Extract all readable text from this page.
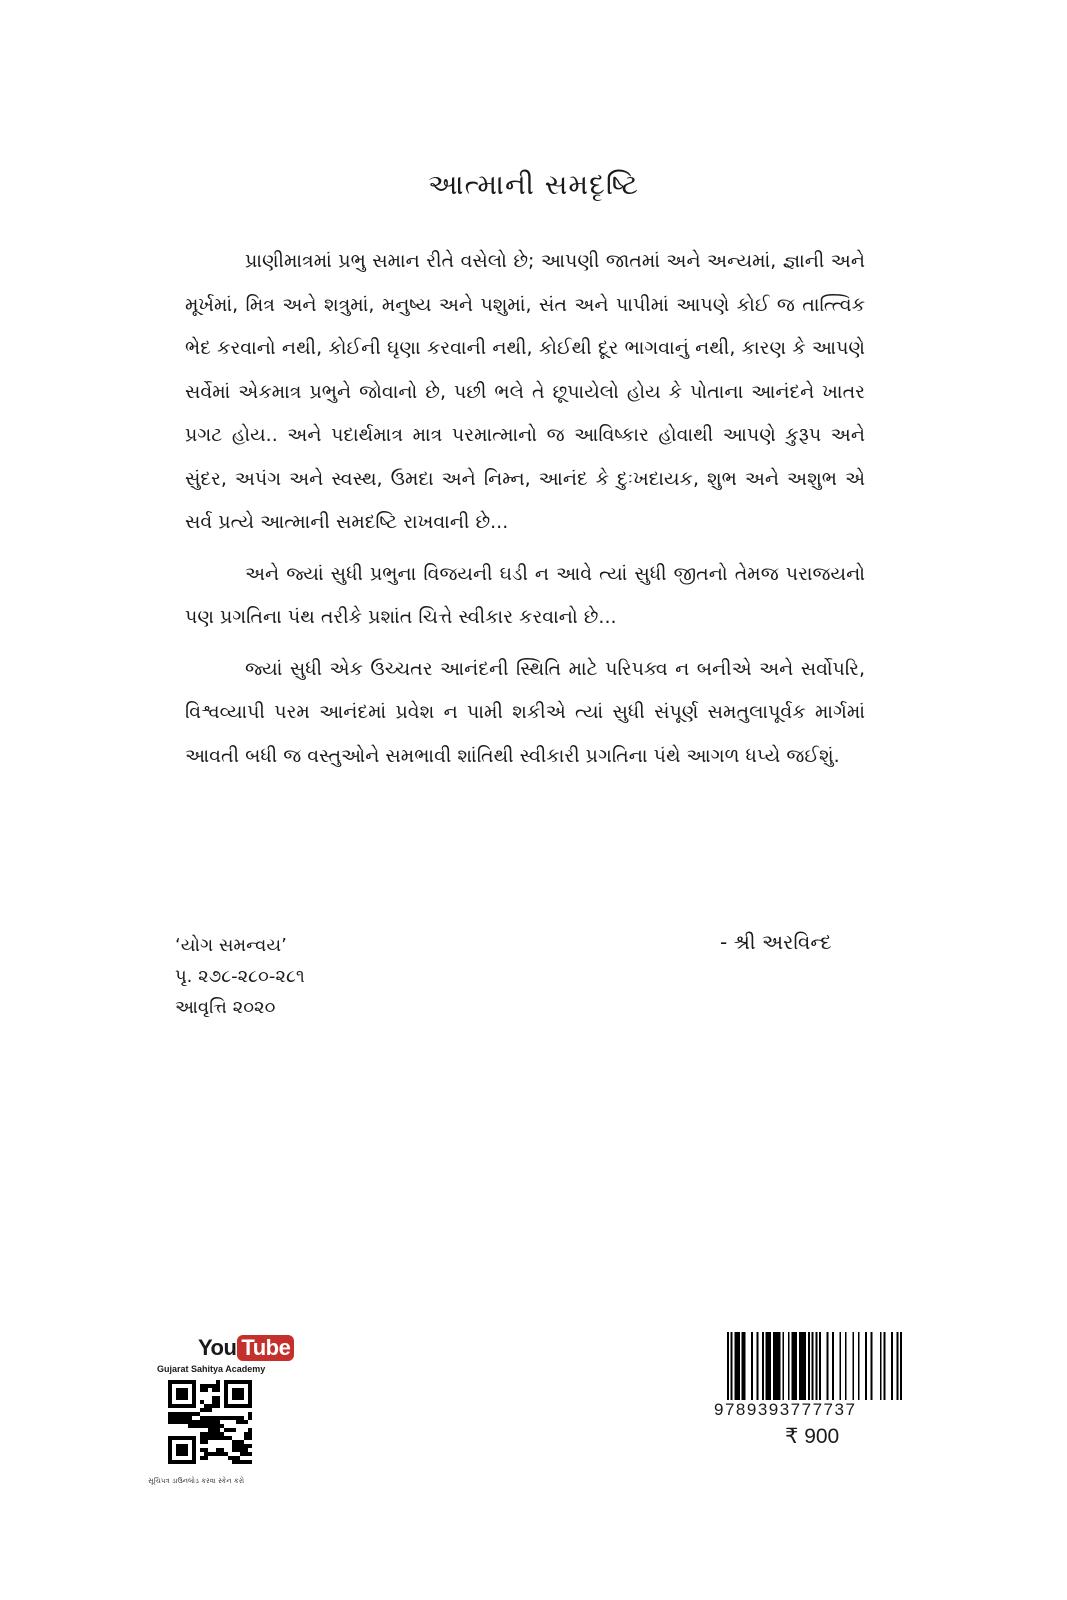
આત્માની સમદૃષ્ટિ

પ્રાણીમાત્રમાં પ્રભુ સમાન રીતે વસેલો છે; આપણી જાતમાં અને અન્યમાં, જ્ઞાની અને મૂર્ખમાં, મિત્ર અને શત્રુમાં, મનુષ્ય અને પશુમાં, સંત અને પાપીમાં આપણે કોઈ જ તાત્ત્વિક ભેદ કરવાનો નથી, કોઈની ઘૃણા કરવાની નથી, કોઈથી દૂર ભાગવાનું નથી, કારણ કે આપણે સર્વેમાં એકમાત્ર પ્રભુને જોવાનો છે, પછી ભલે તે છૂપાયેલો હોય કે પોતાના આનંદને ખાતર પ્રગટ હોય.. અને પદાર્થમાત્ર માત્ર પરમાત્માનો જ આવિષ્કાર હોવાથી આપણે કુરૂપ અને સુંદર, અપંગ અને સ્વસ્થ, ઉમદા અને નિમ્ન, આનંદ કે દુઃખદાયક, શુભ અને અશુભ એ સર્વ પ્રત્યે આત્માની સમદષ્ટિ રાખવાની છે...

અને જ્યાં સુધી પ્રભુના વિજયની ઘડી ન આવે ત્યાં સુધી જીતનો તેમજ પરાજયનો પણ પ્રગતિના પંથ તરીકે પ્રશાંત ચિત્તે સ્વીકાર કરવાનો છે...

જ્યાં સુધી એક ઉચ્ચતર આનંદની સ્થિતિ માટે પરિપક્વ ન બનીએ અને સર્વોપરિ, વિશ્વવ્યાપી પરમ આનંદમાં પ્રવેશ ન પામી શકીએ ત્યાં સુધી સંપૂર્ણ સમતુલાપૂર્વક માર્ગમાં આવતી બધી જ વસ્તુઓને સમભાવી શાંતિથી સ્વીકારી પ્રગતિના પંથે આગળ ધપ્યે જઈશું.

‘યોગ સમન્વય’
પૃ. ૨૭૮-૨૮૦-૨૮૧
આવૃત્તિ ૨૦૨૦
- શ્રી અરવિન્દ
You Tube
Gujarat Sahitya Academy
સૂચિપત્ર ડાઉનલોડ કરવા સ્કેન કરો
9789393777737
₹ 900
